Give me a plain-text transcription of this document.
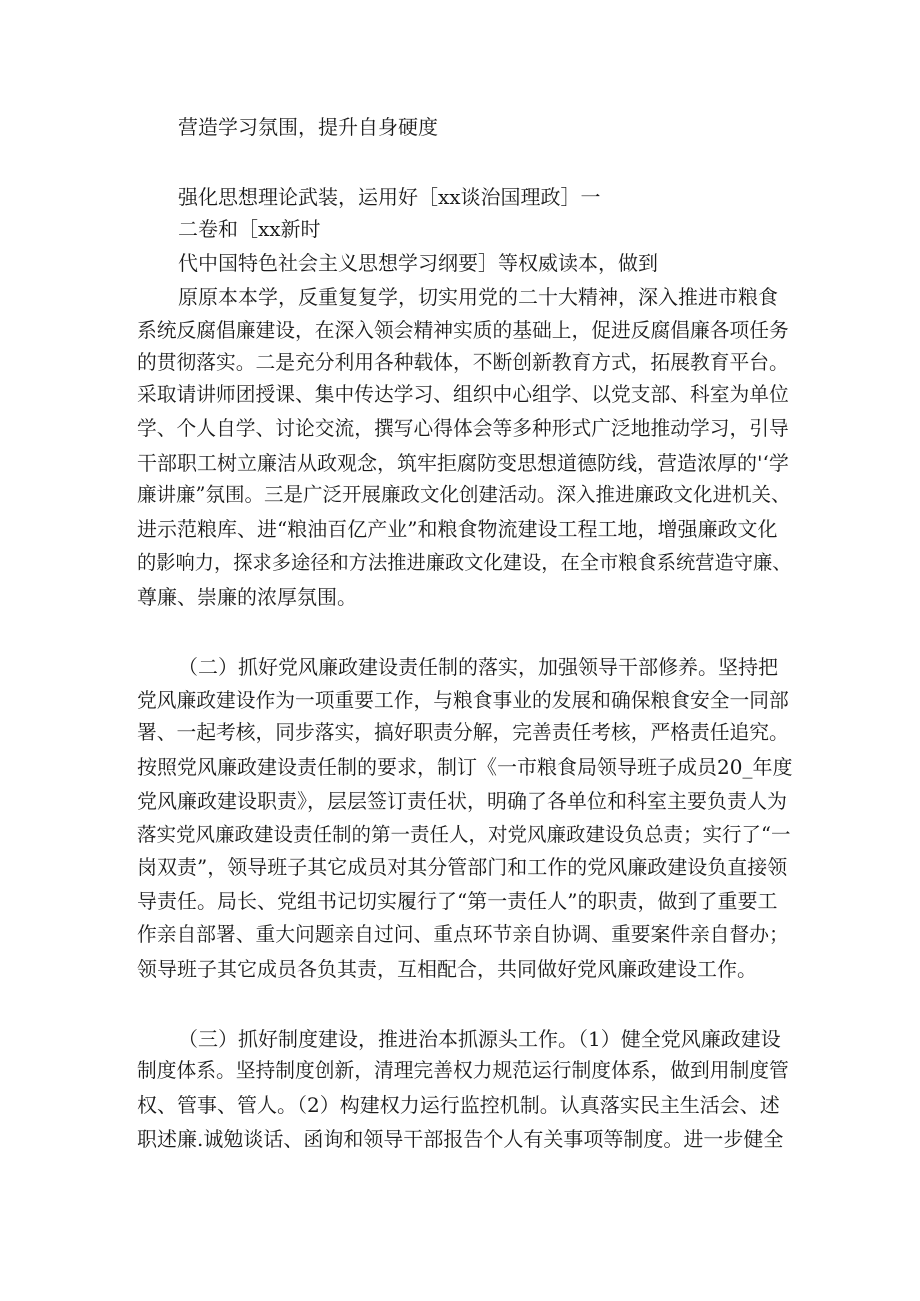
营造学习氛围，提升自身硬度

强化思想理论武装，运用好［xx谈治国理政］一

二卷和［xx新时

代中国特色社会主义思想学习纲要］等权威读本，做到

原原本本学，反重复复学，切实用党的二十大精神，深入推进市粮食

系统反腐倡廉建设，在深入领会精神实质的基础上，促进反腐倡廉各项任务

的贯彻落实。二是充分利用各种载体，不断创新教育方式，拓展教育平台。

采取请讲师团授课、集中传达学习、组织中心组学、以党支部、科室为单位

学、个人自学、讨论交流，撰写心得体会等多种形式广泛地推动学习，引导

干部职工树立廉洁从政观念，筑牢拒腐防变思想道德防线，营造浓厚的'‘学

廉讲廉”氛围。三是广泛开展廉政文化创建活动。深入推进廉政文化进机关、

进示范粮库、进“粮油百亿产业”和粮食物流建设工程工地，增强廉政文化

的影响力，探求多途径和方法推进廉政文化建设，在全市粮食系统营造守廉、

尊廉、崇廉的浓厚氛围。

（二）抓好党风廉政建设责任制的落实，加强领导干部修养。坚持把

党风廉政建设作为一项重要工作，与粮食事业的发展和确保粮食安全一同部

署、一起考核，同步落实，搞好职责分解，完善责任考核，严格责任追究。

按照党风廉政建设责任制的要求，制订《一市粮食局领导班子成员20_年度

党风廉政建设职责》，层层签订责任状，明确了各单位和科室主要负责人为

落实党风廉政建设责任制的第一责任人，对党风廉政建设负总责；实行了“一

岗双责”，领导班子其它成员对其分管部门和工作的党风廉政建设负直接领

导责任。局长、党组书记切实履行了“第一责任人”的职责，做到了重要工

作亲自部署、重大问题亲自过问、重点环节亲自协调、重要案件亲自督办；

领导班子其它成员各负其责，互相配合，共同做好党风廉政建设工作。

（三）抓好制度建设，推进治本抓源头工作。（1）健全党风廉政建设

制度体系。坚持制度创新，清理完善权力规范运行制度体系，做到用制度管

权、管事、管人。（2）构建权力运行监控机制。认真落实民主生活会、述

职述廉.诚勉谈话、函询和领导干部报告个人有关事项等制度。进一步健全
